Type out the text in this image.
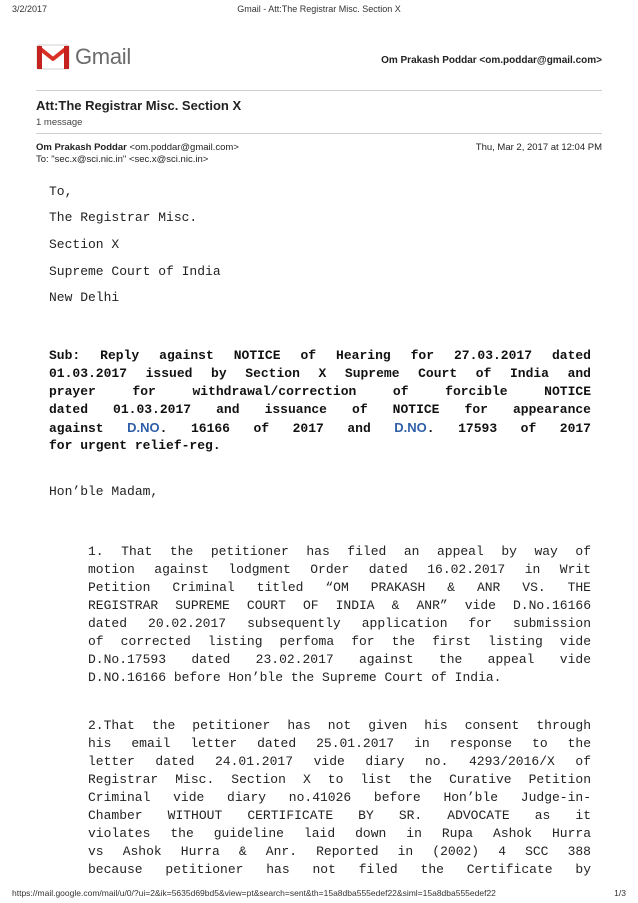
3/2/2017	Gmail - Att:The Registrar Misc. Section X
Gmail	Om Prakash Poddar <om.poddar@gmail.com>
Att:The Registrar Misc. Section X
1 message
Om Prakash Poddar <om.poddar@gmail.com>	Thu, Mar 2, 2017 at 12:04 PM
To: "sec.x@sci.nic.in" <sec.x@sci.nic.in>
To,
The Registrar Misc.
Section X
Supreme Court of India
New Delhi
Sub: Reply against NOTICE of Hearing for 27.03.2017 dated
01.03.2017 issued by Section X Supreme Court of India and
prayer for withdrawal/correction of forcible NOTICE
dated 01.03.2017 and issuance of NOTICE for appearance
against D.NO. 16166 of 2017 and D.NO. 17593 of 2017
for urgent relief-reg.
Hon’ble Madam,
1. That the petitioner has filed an appeal by way of
motion against lodgment Order dated 16.02.2017 in Writ
Petition Criminal titled “OM PRAKASH & ANR VS. THE
REGISTRAR SUPREME COURT OF INDIA & ANR” vide D.No.16166
dated 20.02.2017 subsequently application for submission
of corrected listing perfoma for the first listing vide
D.No.17593 dated 23.02.2017 against the appeal vide
D.NO.16166 before Hon’ble the Supreme Court of India.
2.That the petitioner has not given his consent through
his email letter dated 25.01.2017 in response to the
letter dated 24.01.2017 vide diary no. 4293/2016/X of
Registrar Misc. Section X to list the Curative Petition
Criminal vide diary no.41026 before Hon’ble Judge-in-
Chamber WITHOUT CERTIFICATE BY SR. ADVOCATE as it
violates the guideline laid down in Rupa Ashok Hurra
vs Ashok Hurra & Anr. Reported in (2002) 4 SCC 388
because petitioner has not filed the Certificate by
https://mail.google.com/mail/u/0/?ui=2&ik=5635d69bd5&view=pt&search=sent&th=15a8dba555edef22&siml=15a8dba555edef22	1/3
